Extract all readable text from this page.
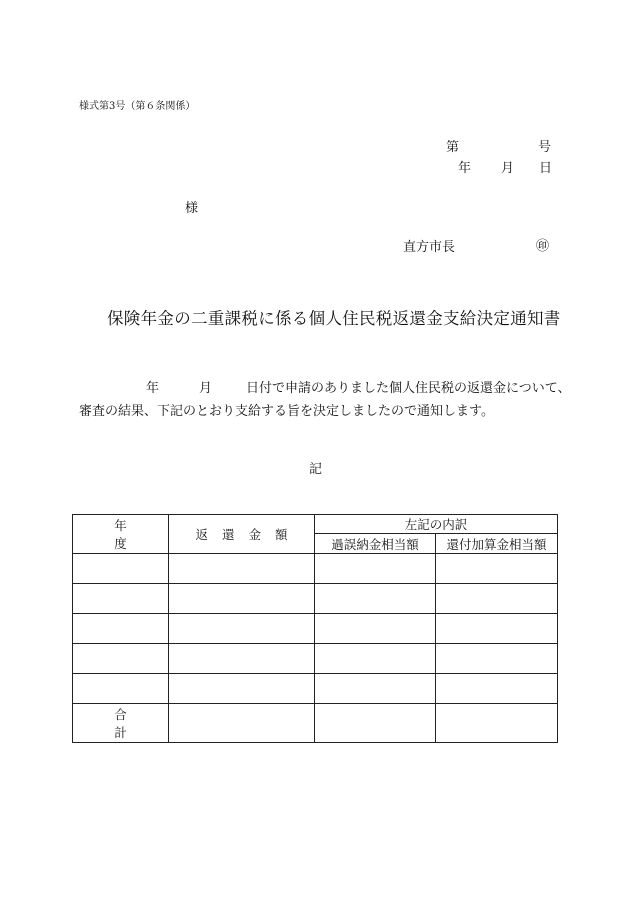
様式第3号（第６条関係）
第	号
年 月 日
様
直方市長	㊞
保険年金の二重課税に係る個人住民税返還金支給決定通知書
年	月	日付で申請のありました個人住民税の返還金について、
審査の結果、下記のとおり支給する旨を決定しましたので通知します。
記
年度	返還金額	左記の内訳	
		過誤納金相当額	還付加算金相当額

合計			
